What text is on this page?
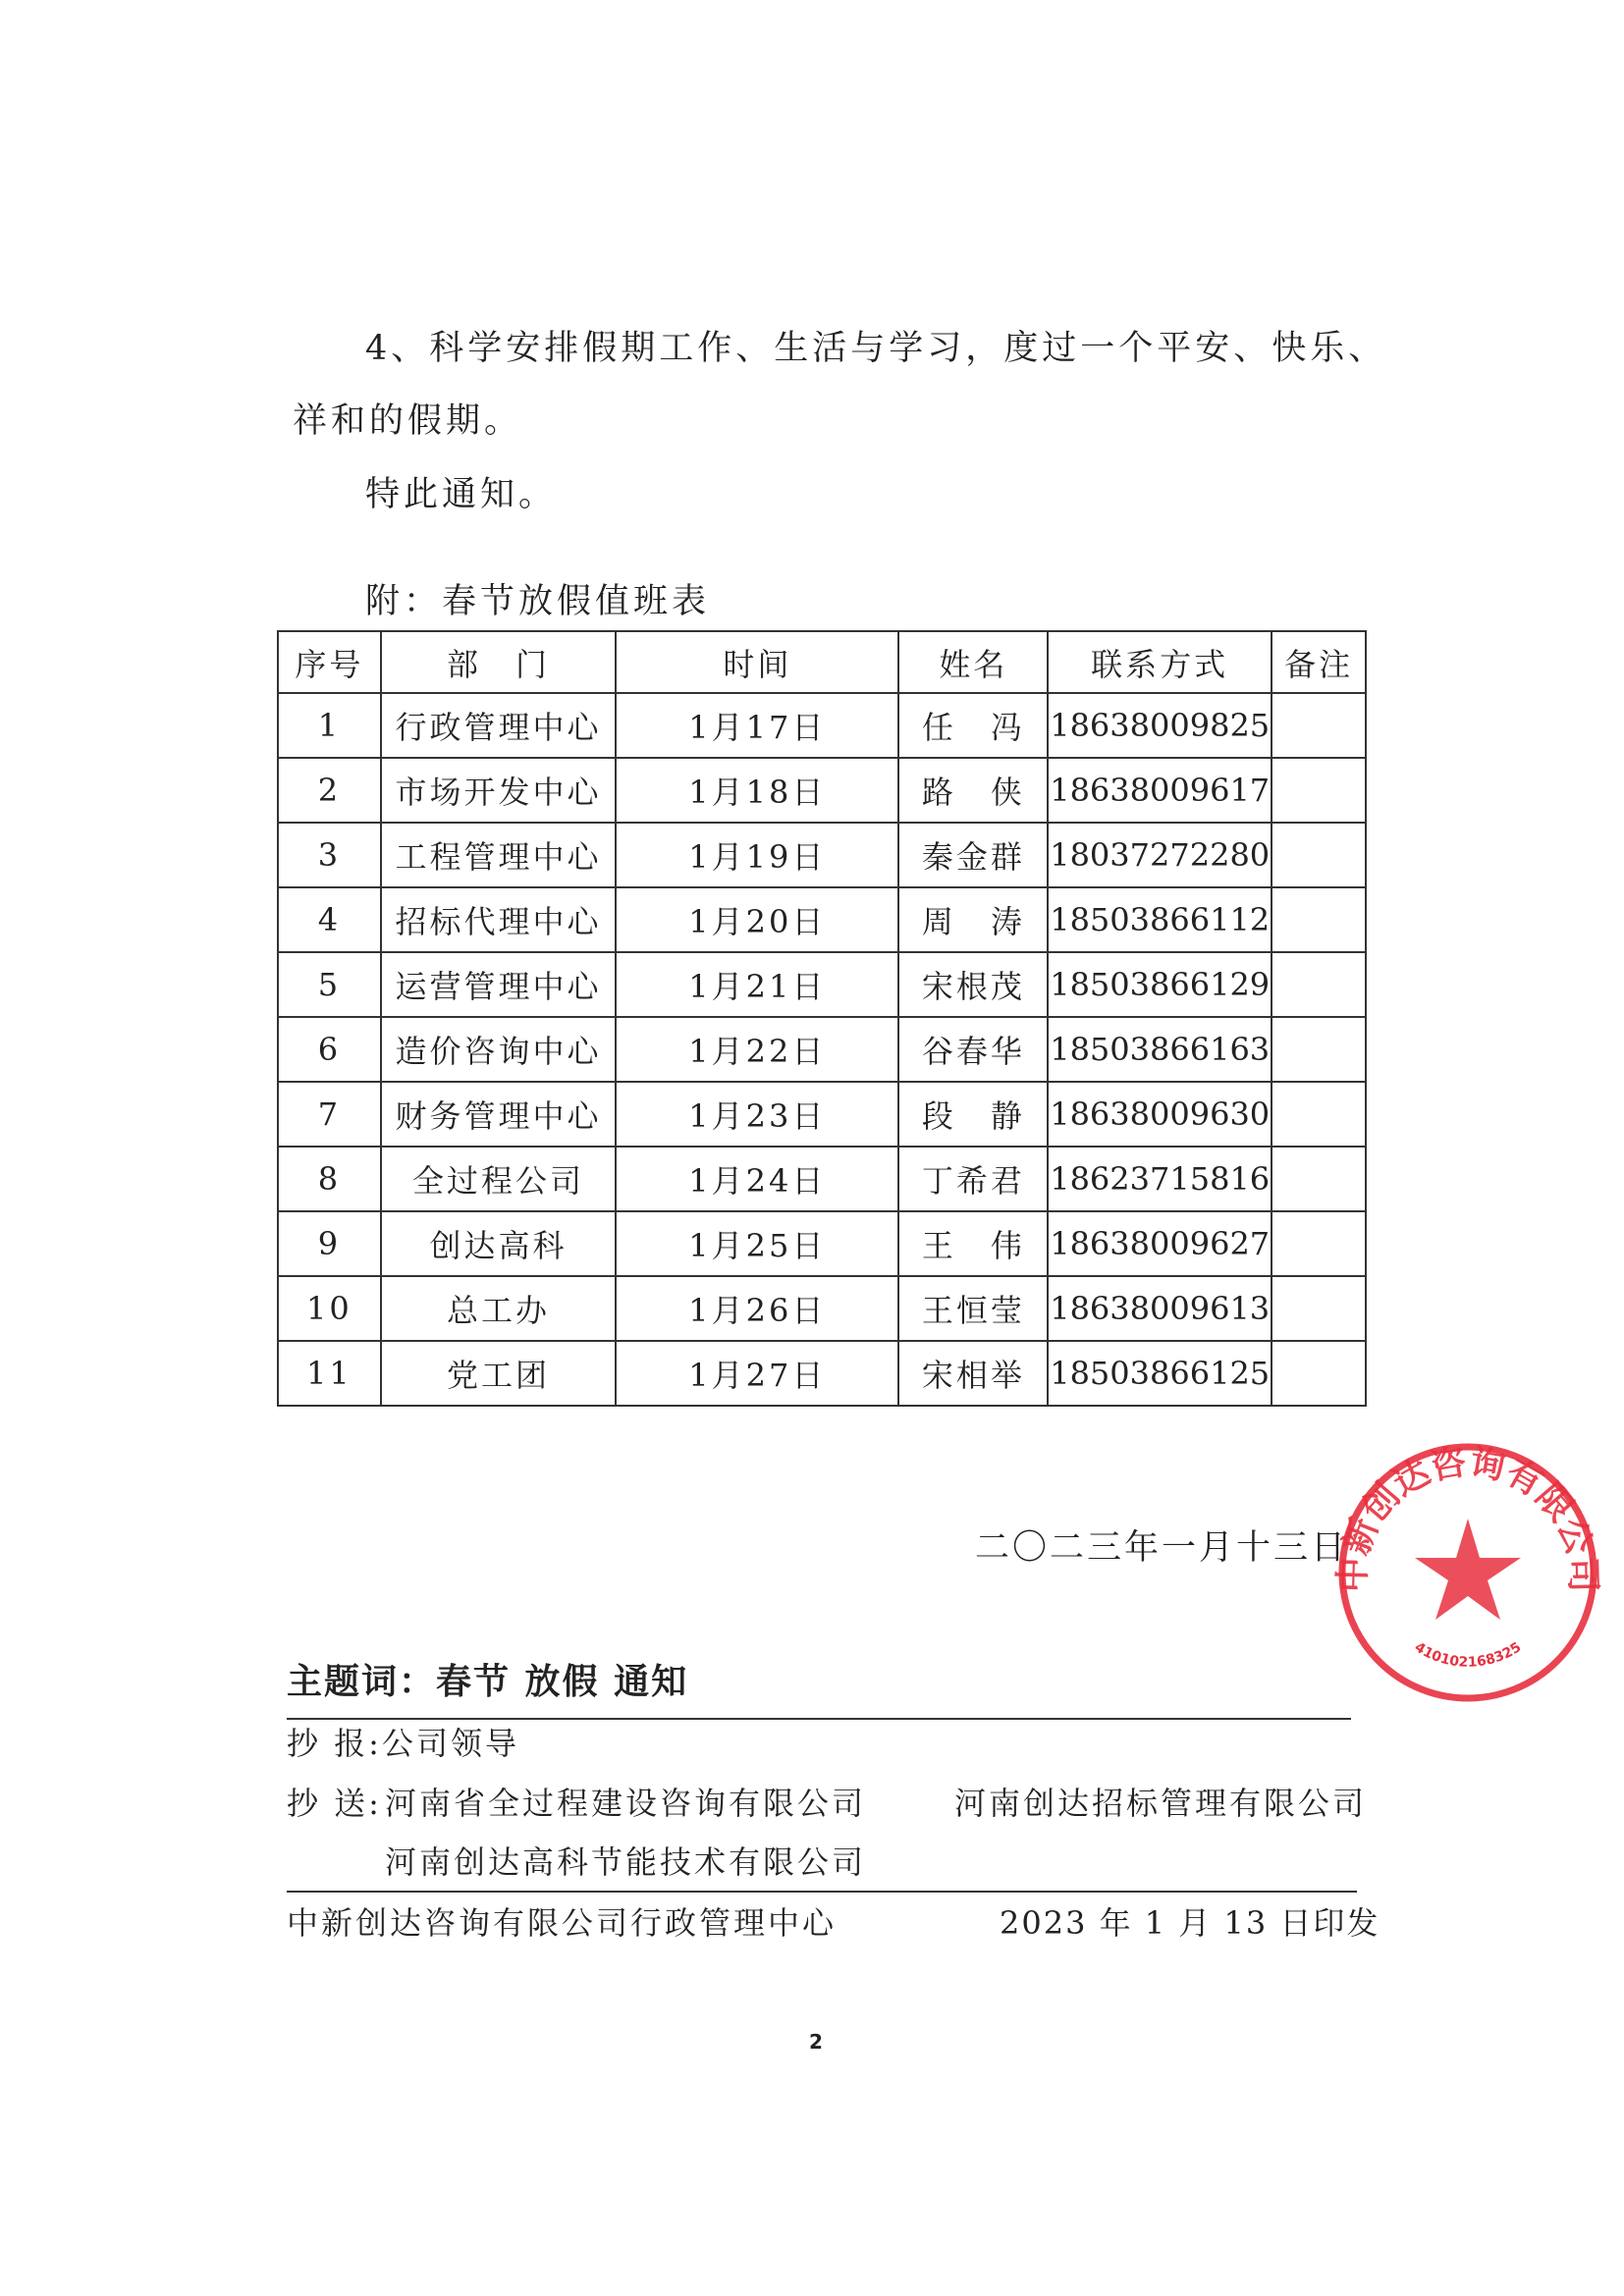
4、科学安排假期工作、生活与学习，度过一个平安、快乐、
祥和的假期。
特此通知。
附：春节放假值班表
序号	部　门	时间	姓名	联系方式	备注
1	行政管理中心	1月17日	任　冯	18638009825	
2	市场开发中心	1月18日	路　侠	18638009617	
3	工程管理中心	1月19日	秦金群	18037272280	
4	招标代理中心	1月20日	周　涛	18503866112	
5	运营管理中心	1月21日	宋根茂	18503866129	
6	造价咨询中心	1月22日	谷春华	18503866163	
7	财务管理中心	1月23日	段　静	18638009630	
8	全过程公司	1月24日	丁希君	18623715816	
9	创达高科	1月25日	王　伟	18638009627	
10	总工办	1月26日	王恒莹	18638009613	
11	党工团	1月27日	宋相举	18503866125	
中新创达咨询有限公司
410102168325
二〇二三年一月十三日
主题词：春节 放假 通知
抄 报:公司领导
抄 送: 河南省全过程建设咨询有限公司	河南创达招标管理有限公司
河南创达高科节能技术有限公司
中新创达咨询有限公司行政管理中心	2023 年 1 月 13 日印发
2
